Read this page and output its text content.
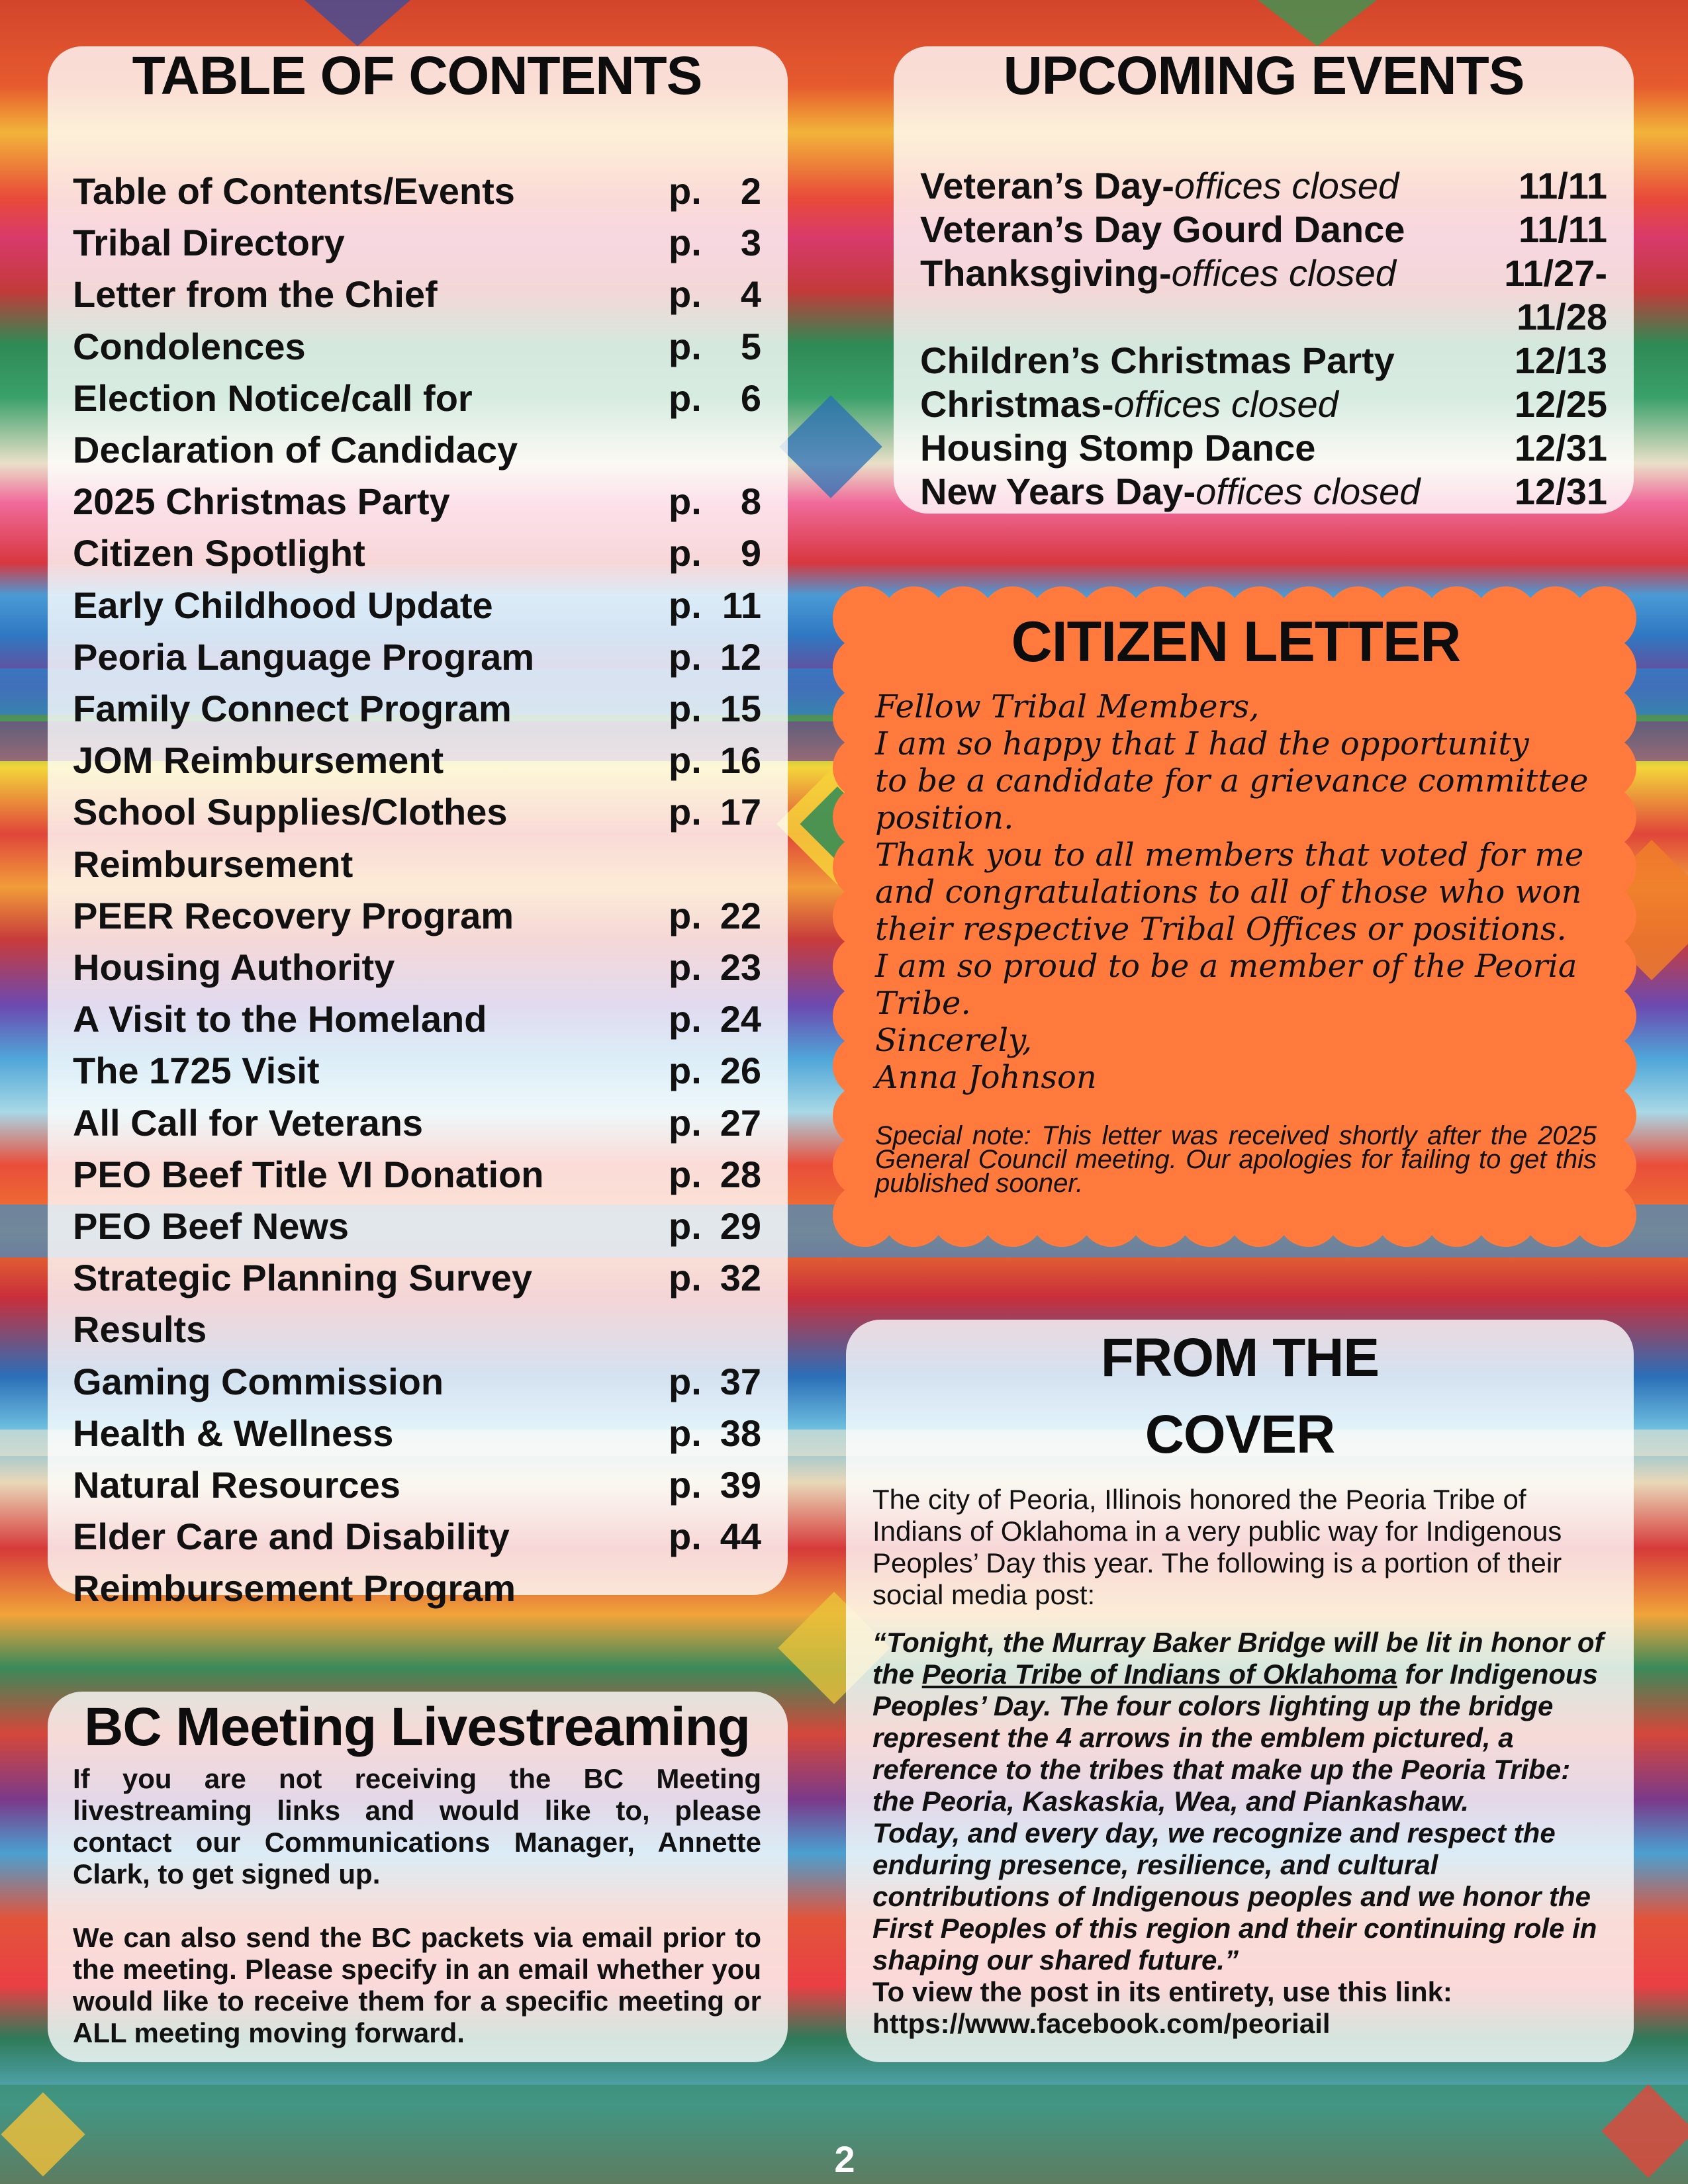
TABLE OF CONTENTS
Table of Contents/Events	p.	2
Tribal Directory	p.	3
Letter from the Chief	p.	4
Condolences	p.	5
Election Notice/call for	p.	6
Declaration of Candidacy
2025 Christmas Party	p.	8
Citizen Spotlight	p.	9
Early Childhood Update	p. 11
Peoria Language Program	p. 12
Family Connect Program	p. 15
JOM Reimbursement	p. 16
School Supplies/Clothes	p. 17
Reimbursement
PEER Recovery Program	p. 22
Housing Authority	p. 23
A Visit to the Homeland	p. 24
The 1725 Visit	p. 26
All Call for Veterans	p. 27
PEO Beef Title VI Donation	p. 28
PEO Beef News	p. 29
Strategic Planning Survey	p. 32
Results
Gaming Commission	p. 37
Health & Wellness	p. 38
Natural Resources	p. 39
Elder Care and Disability	p. 44
Reimbursement Program
UPCOMING EVENTS
Veteran’s Day-offices closed	11/11
Veteran’s Day Gourd Dance	11/11
Thanksgiving-offices closed	11/27-
11/28
Children’s Christmas Party	12/13
Christmas-offices closed	12/25
Housing Stomp Dance	12/31
New Years Day-offices closed	12/31
CITIZEN LETTER
Fellow Tribal Members,
I am so happy that I had the opportunity
to be a candidate for a grievance committee
position.
Thank you to all members that voted for me
and congratulations to all of those who won
their respective Tribal Offices or positions.
I am so proud to be a member of the Peoria
Tribe.
Sincerely,
Anna Johnson
Special note: This letter was received shortly after the 2025 General Council meeting. Our apologies for failing to get this published sooner.
FROM THE
COVER
The city of Peoria, Illinois honored the Peoria Tribe of Indians of Oklahoma in a very public way for Indigenous Peoples’ Day this year. The following is a portion of their social media post:
“Tonight, the Murray Baker Bridge will be lit in honor of the Peoria Tribe of Indians of Oklahoma for Indigenous Peoples’ Day. The four colors lighting up the bridge represent the 4 arrows in the emblem pictured, a reference to the tribes that make up the Peoria Tribe: the Peoria, Kaskaskia, Wea, and Piankashaw.
Today, and every day, we recognize and respect the enduring presence, resilience, and cultural contributions of Indigenous peoples and we honor the First Peoples of this region and their continuing role in shaping our shared future.”
To view the post in its entirety, use this link:
https://www.facebook.com/peoriail
BC Meeting Livestreaming
If you are not receiving the BC Meeting livestreaming links and would like to, please contact our Communications Manager, Annette Clark, to get signed up.
We can also send the BC packets via email prior to the meeting. Please specify in an email whether you would like to receive them for a specific meeting or ALL meeting moving forward.
2
